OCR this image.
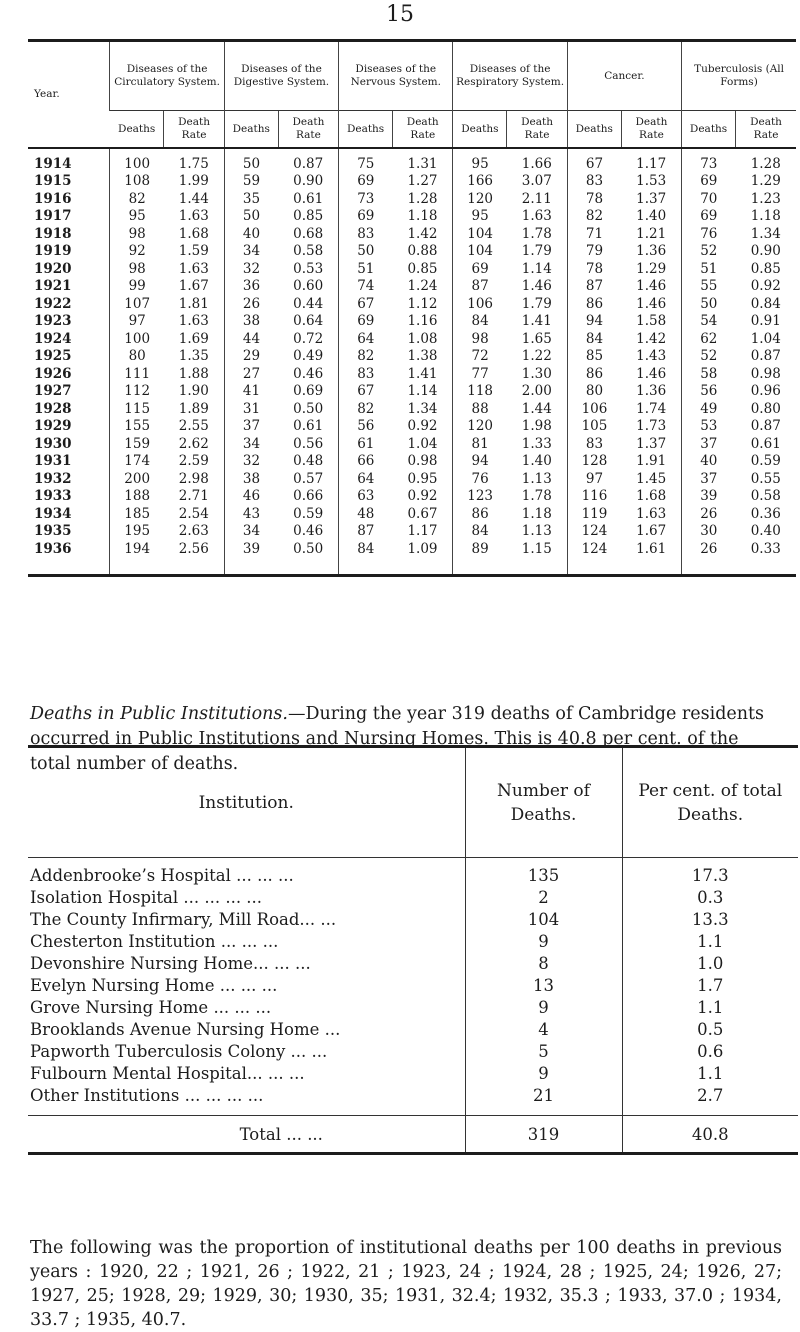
15
Year.	Diseases of the Circulatory System.		Diseases of the Digestive System.		Diseases of the Nervous System.		Diseases of the Respiratory System.		Cancer.		Tuberculosis (All Forms)	
	Deaths	Death Rate	Deaths	Death Rate	Deaths	Death Rate	Deaths	Death Rate	Deaths	Death Rate	Deaths	Death Rate
1914	100	1.75	50	0.87	75	1.31	95	1.66	67	1.17	73	1.28
1915	108	1.99	59	0.90	69	1.27	166	3.07	83	1.53	69	1.29
1916	82	1.44	35	0.61	73	1.28	120	2.11	78	1.37	70	1.23
1917	95	1.63	50	0.85	69	1.18	95	1.63	82	1.40	69	1.18
1918	98	1.68	40	0.68	83	1.42	104	1.78	71	1.21	76	1.34
1919	92	1.59	34	0.58	50	0.88	104	1.79	79	1.36	52	0.90
1920	98	1.63	32	0.53	51	0.85	69	1.14	78	1.29	51	0.85
1921	99	1.67	36	0.60	74	1.24	87	1.46	87	1.46	55	0.92
1922	107	1.81	26	0.44	67	1.12	106	1.79	86	1.46	50	0.84
1923	97	1.63	38	0.64	69	1.16	84	1.41	94	1.58	54	0.91
1924	100	1.69	44	0.72	64	1.08	98	1.65	84	1.42	62	1.04
1925	80	1.35	29	0.49	82	1.38	72	1.22	85	1.43	52	0.87
1926	111	1.88	27	0.46	83	1.41	77	1.30	86	1.46	58	0.98
1927	112	1.90	41	0.69	67	1.14	118	2.00	80	1.36	56	0.96
1928	115	1.89	31	0.50	82	1.34	88	1.44	106	1.74	49	0.80
1929	155	2.55	37	0.61	56	0.92	120	1.98	105	1.73	53	0.87
1930	159	2.62	34	0.56	61	1.04	81	1.33	83	1.37	37	0.61
1931	174	2.59	32	0.48	66	0.98	94	1.40	128	1.91	40	0.59
1932	200	2.98	38	0.57	64	0.95	76	1.13	97	1.45	37	0.55
1933	188	2.71	46	0.66	63	0.92	123	1.78	116	1.68	39	0.58
1934	185	2.54	43	0.59	48	0.67	86	1.18	119	1.63	26	0.36
1935	195	2.63	34	0.46	87	1.17	84	1.13	124	1.67	30	0.40
1936	194	2.56	39	0.50	84	1.09	89	1.15	124	1.61	26	0.33

Deaths in Public Institutions.—During the year 319 deaths of Cambridge residents occurred in Public Institutions and Nursing Homes. This is 40.8 per cent. of the total number of deaths.

Institution.	Number of Deaths.	Per cent. of total Deaths.
Addenbrooke’s Hospital ... ... ...	135	17.3
Isolation Hospital ... ... ... ...	2	0.3
The County Infirmary, Mill Road... ...	104	13.3
Chesterton Institution ... ... ...	9	1.1
Devonshire Nursing Home... ... ...	8	1.0
Evelyn Nursing Home ... ... ...	13	1.7
Grove Nursing Home ... ... ...	9	1.1
Brooklands Avenue Nursing Home ...	4	0.5
Papworth Tuberculosis Colony ... ...	5	0.6
Fulbourn Mental Hospital... ... ...	9	1.1
Other Institutions ... ... ... ...	21	2.7
Total ... ...	319	40.8

The following was the proportion of institutional deaths per 100 deaths in previous years : 1920, 22 ; 1921, 26 ; 1922, 21 ; 1923, 24 ; 1924, 28 ; 1925, 24; 1926, 27; 1927, 25; 1928, 29; 1929, 30; 1930, 35; 1931, 32.4; 1932, 35.3 ; 1933, 37.0 ; 1934, 33.7 ; 1935, 40.7.
